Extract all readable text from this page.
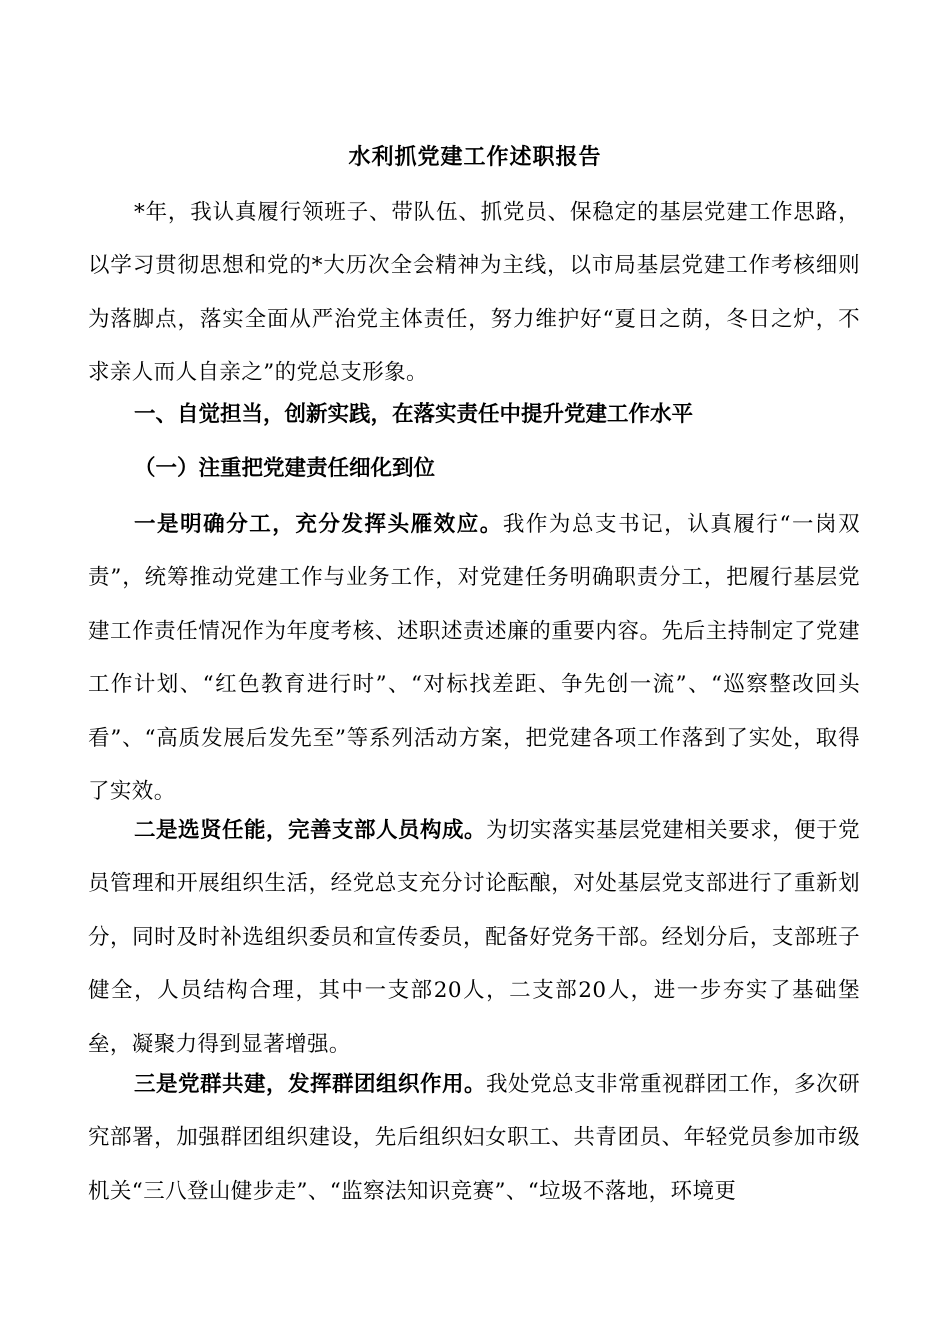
水利抓党建工作述职报告

*年，我认真履行领班子、带队伍、抓党员、保稳定的基层党建工作思路，以学习贯彻思想和党的*大历次全会精神为主线，以市局基层党建工作考核细则为落脚点，落实全面从严治党主体责任，努力维护好“夏日之荫，冬日之炉，不求亲人而人自亲之”的党总支形象。

一、自觉担当，创新实践，在落实责任中提升党建工作水平
（一）注重把党建责任细化到位

一是明确分工，充分发挥头雁效应。我作为总支书记，认真履行“一岗双责”，统筹推动党建工作与业务工作，对党建任务明确职责分工，把履行基层党建工作责任情况作为年度考核、述职述责述廉的重要内容。先后主持制定了党建工作计划、“红色教育进行时”、“对标找差距、争先创一流”、“巡察整改回头看”、“高质发展后发先至”等系列活动方案，把党建各项工作落到了实处，取得了实效。

二是选贤任能，完善支部人员构成。为切实落实基层党建相关要求，便于党员管理和开展组织生活，经党总支充分讨论酝酿，对处基层党支部进行了重新划分，同时及时补选组织委员和宣传委员，配备好党务干部。经划分后，支部班子健全，人员结构合理，其中一支部20人，二支部20人，进一步夯实了基础堡垒，凝聚力得到显著增强。

三是党群共建，发挥群团组织作用。我处党总支非常重视群团工作，多次研究部署，加强群团组织建设，先后组织妇女职工、共青团员、年轻党员参加市级机关“三八登山健步走”、“监察法知识竞赛”、“垃圾不落地，环境更
